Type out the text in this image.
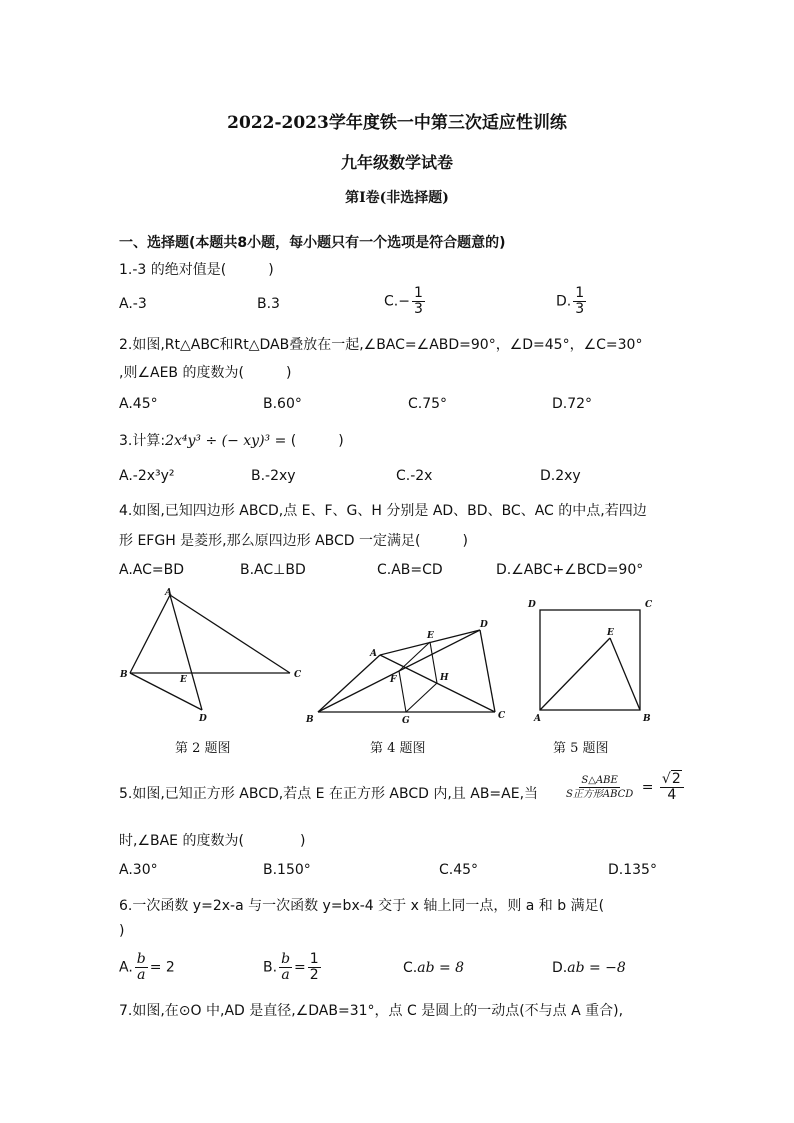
2022-2023学年度铁一中第三次适应性训练
九年级数学试卷
第Ⅰ卷(非选择题)
一、选择题(本题共8小题，每小题只有一个选项是符合题意的)
1.-3 的绝对值是(　　　)
A.-3	B.3	$C.- \frac{1}{3}$	D. $\frac{1}{3}$
2.如图,Rt△ABC和Rt△DAB叠放在一起,∠BAC=∠ABD=90°，∠D=45°，∠C=30°
,则∠AEB 的度数为(　　　)
A.45°	B.60°	C.75°	D.72°
3.计算:2x⁴y³ ÷ (− xy)³ = (　　　)
A.-2x³y²	B.-2xy	C.-2x	D.2xy
4.如图,已知四边形 ABCD,点 E、F、G、H 分别是 AD、BD、BC、AC 的中点,若四边
形 EFGH 是菱形,那么原四边形 ABCD 一定满足(　　　)
A.AC=BD	B.AC⊥BD	C.AB=CD	D.∠ABC+∠BCD=90°
A
B	C
D
E
第 2 题图
A
B	C
D
E
F
G
H
第 4 题图
A	B
C
D
E
第 5 题图
5.如图,已知正方形 ABCD,若点 E 在正方形 ABCD 内,且 AB=AE,当	$\frac{\text{S△ABE}}{\text{S正方形ABCD}} = \frac{√2}{4}$
时,∠BAE 的度数为(　　　　)
A.30°	B.150°	C.45°	D.135°
6.一次函数 y=2x-a 与一次函数 y=bx-4 交于 x 轴上同一点，则 a 和 b 满足(
)
A. $\frac{b}{a} = 2$	B. $\frac{b}{a} = \frac{1}{2}$	C.ab = 8	D.ab = −8
7.如图,在⊙O 中,AD 是直径,∠DAB=31°，点 C 是圆上的一动点(不与点 A 重合),
